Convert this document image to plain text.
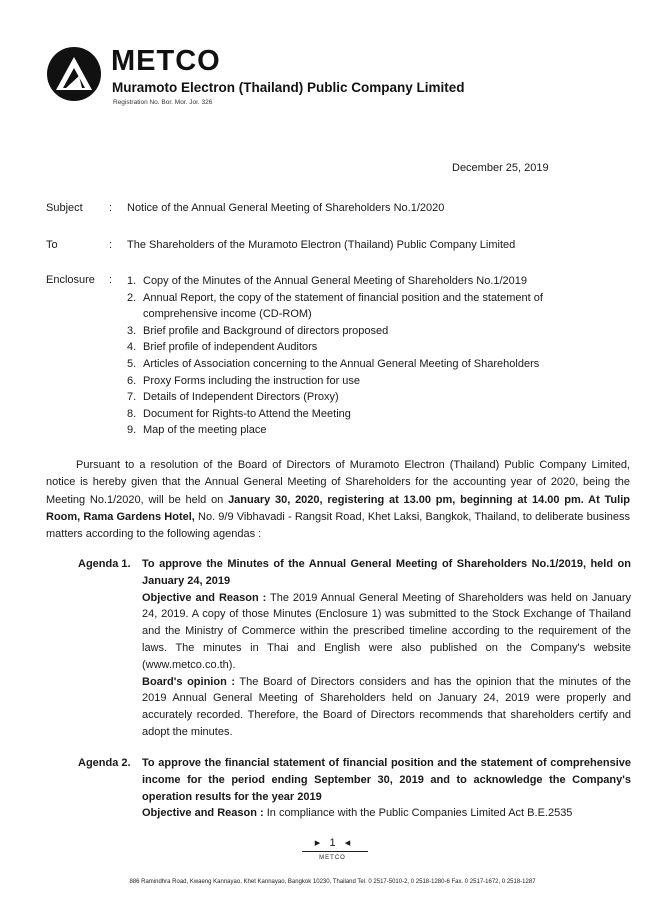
METCO
Muramoto Electron (Thailand) Public Company Limited
Registration No. Bor. Mor. Jor. 326
December 25, 2019
Subject : Notice of the Annual General Meeting of Shareholders No.1/2020
To	: The Shareholders of the Muramoto Electron (Thailand) Public Company Limited
Enclosure : 1. Copy of the Minutes of the Annual General Meeting of Shareholders No.1/2019
2. Annual Report, the copy of the statement of financial position and the statement of comprehensive income (CD-ROM)
3. Brief profile and Background of directors proposed
4. Brief profile of independent Auditors
5. Articles of Association concerning to the Annual General Meeting of Shareholders
6. Proxy Forms including the instruction for use
7. Details of Independent Directors (Proxy)
8. Document for Rights-to Attend the Meeting
9. Map of the meeting place
Pursuant to a resolution of the Board of Directors of Muramoto Electron (Thailand) Public Company Limited, notice is hereby given that the Annual General Meeting of Shareholders for the accounting year of 2020, being the Meeting No.1/2020, will be held on January 30, 2020, registering at 13.00 pm, beginning at 14.00 pm. At Tulip Room, Rama Gardens Hotel, No. 9/9 Vibhavadi - Rangsit Road, Khet Laksi, Bangkok, Thailand, to deliberate business matters according to the following agendas :
Agenda 1.	To approve the Minutes of the Annual General Meeting of Shareholders No.1/2019, held on January 24, 2019
Objective and Reason : The 2019 Annual General Meeting of Shareholders was held on January 24, 2019. A copy of those Minutes (Enclosure 1) was submitted to the Stock Exchange of Thailand and the Ministry of Commerce within the prescribed timeline according to the requirement of the laws. The minutes in Thai and English were also published on the Company's website (www.metco.co.th).
Board's opinion : The Board of Directors considers and has the opinion that the minutes of the 2019 Annual General Meeting of Shareholders held on January 24, 2019 were properly and accurately recorded. Therefore, the Board of Directors recommends that shareholders certify and adopt the minutes.
Agenda 2.	To approve the financial statement of financial position and the statement of comprehensive income for the period ending September 30, 2019 and to acknowledge the Company's operation results for the year 2019
Objective and Reason : In compliance with the Public Companies Limited Act B.E.2535
▸ 1 ◂
METCO
886 Ramindhra Road, Kwaeng Kannayao, Khet Kannayao, Bangkok 10230, Thailand Tel. 0 2517-5010-2, 0 2518-1280-6 Fax. 0 2517-1672, 0 2518-1287
